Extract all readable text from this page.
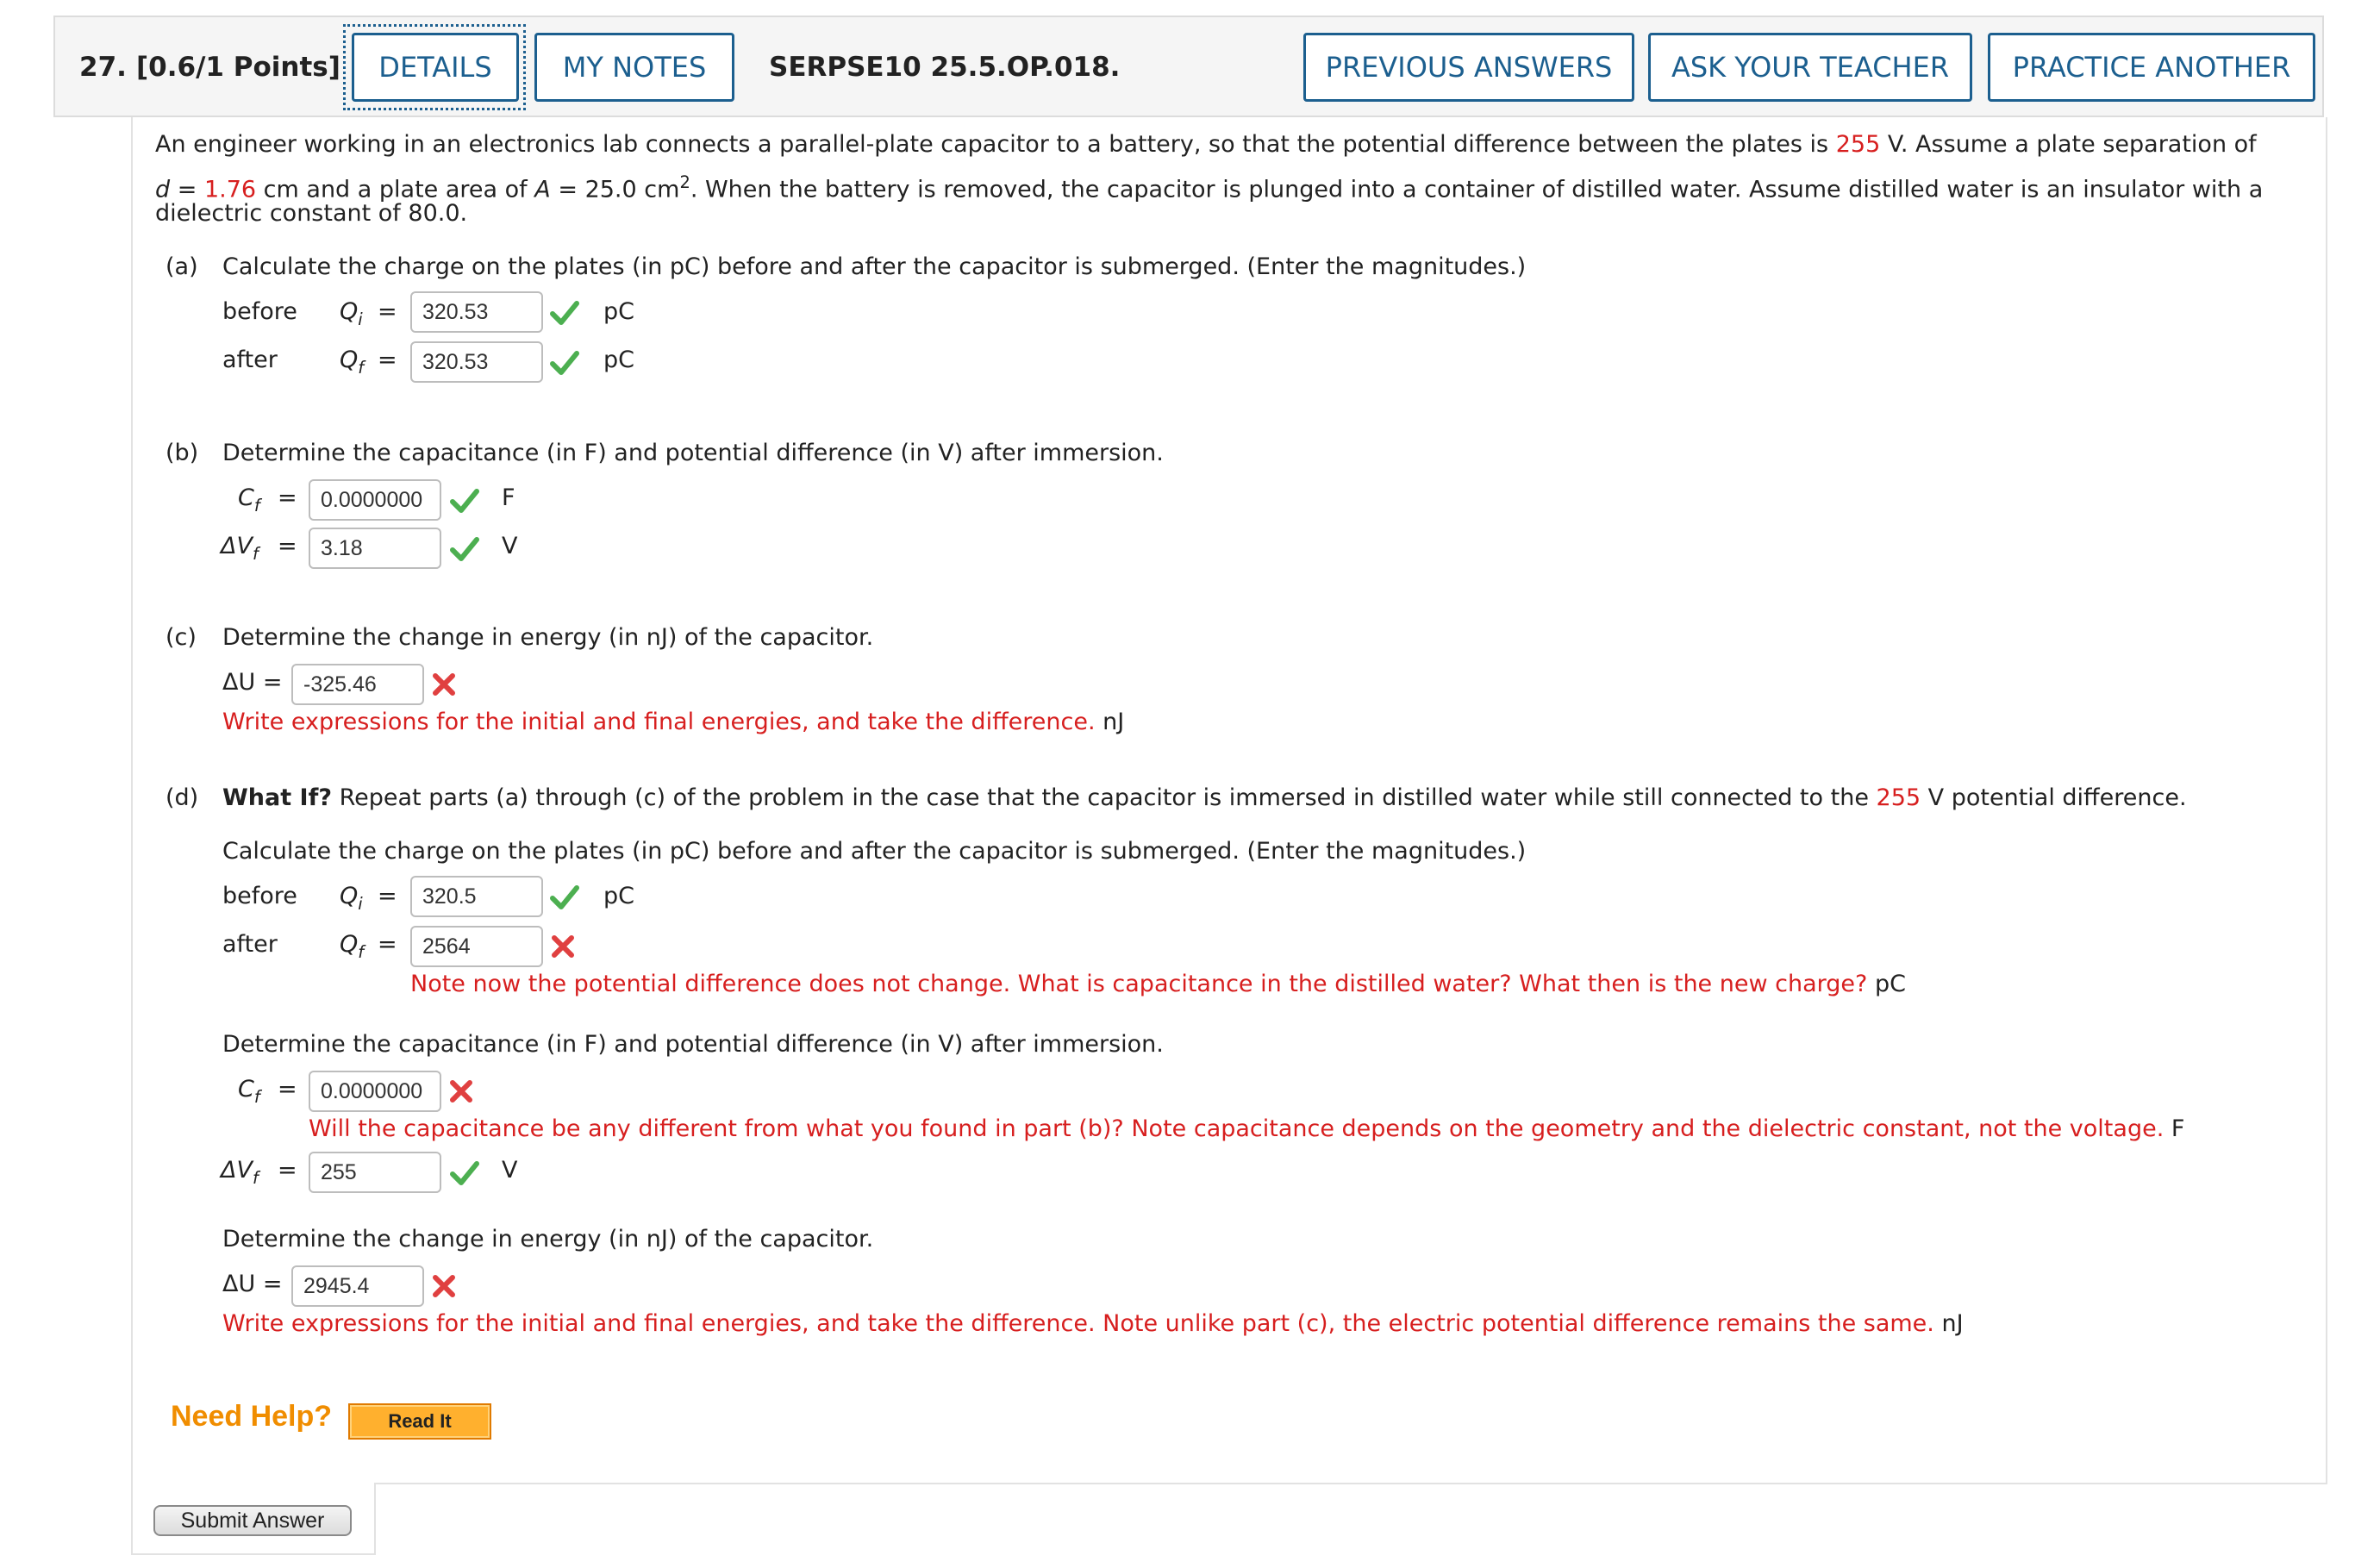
27. [0.6/1 Points]	DETAILS	MY NOTES	SERPSE10 25.5.OP.018.	PREVIOUS ANSWERS	ASK YOUR TEACHER	PRACTICE ANOTHER
An engineer working in an electronics lab connects a parallel-plate capacitor to a battery, so that the potential difference between the plates is 255 V. Assume a plate separation of
d = 1.76 cm and a plate area of A = 25.0 $cm^2$. When the battery is removed, the capacitor is plunged into a container of distilled water. Assume distilled water is an insulator with a
dielectric constant of 80.0.
(a) Calculate the charge on the plates (in pC) before and after the capacitor is submerged. (Enter the magnitudes.)
before $Q_i$ =	320.53	pC
after	$Q_f$ =	320.53	pC
(b) Determine the capacitance (in F) and potential difference (in V) after immersion.
$C_f$ =	0.0000000	F
$\Delta V_f$ =	3.18	V
(c) Determine the change in energy (in nJ) of the capacitor.
ΔU = -325.46
Write expressions for the initial and final energies, and take the difference. nJ
(d) What If? Repeat parts (a) through (c) of the problem in the case that the capacitor is immersed in distilled water while still connected to the 255 V potential difference.
Calculate the charge on the plates (in pC) before and after the capacitor is submerged. (Enter the magnitudes.)
before $Q_i$ =	320.5	pC
after	$Q_f$ =	2564
Note now the potential difference does not change. What is capacitance in the distilled water? What then is the new charge? pC
Determine the capacitance (in F) and potential difference (in V) after immersion.
$C_f$ =	0.0000000
Will the capacitance be any different from what you found in part (b)? Note capacitance depends on the geometry and the dielectric constant, not the voltage. F
$\Delta V_f$ =	255	V
Determine the change in energy (in nJ) of the capacitor.
ΔU = 2945.4
Write expressions for the initial and final energies, and take the difference. Note unlike part (c), the electric potential difference remains the same. nJ
Need Help?	Read It
Submit Answer
